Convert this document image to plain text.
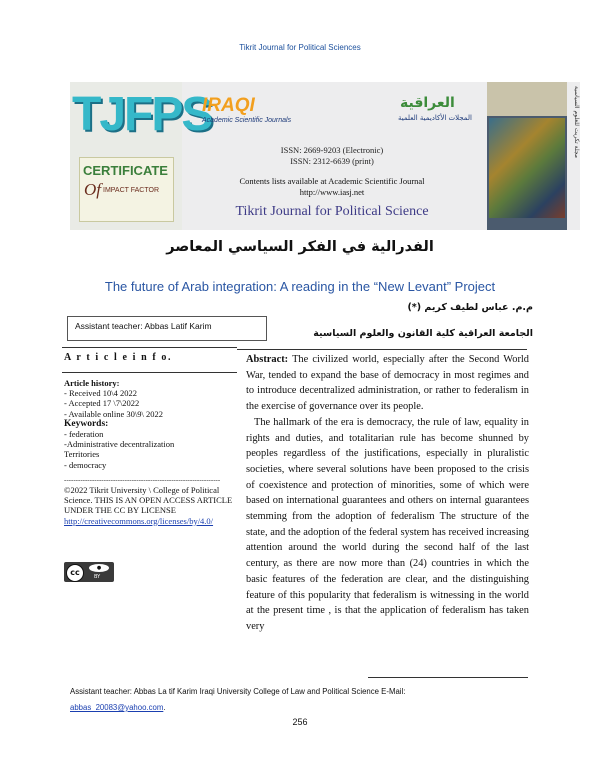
Tikrit Journal for Political Sciences
TJFPS
CERTIFICATE
Of IMPACT FACTOR
IRAQI
Academic Scientific Journals
العراقية
المجلات الأكاديمية العلمية
ISSN: 2669-9203 (Electronic)
ISSN: 2312-6639 (print)
Contents lists available at Academic Scientific Journal
http://www.iasj.net
Tikrit Journal for Political Science
مجلة تكريت للعلوم السياسية
الفدرالية في الفكر السياسي المعاصر
The future of Arab integration: A reading in the “New Levant” Project
Assistant teacher: Abbas Latif Karim
م.م. عباس لطيف كريم (*)
الجامعة العراقية كلية القانون والعلوم السياسية
A r t i c l e i n f o.
Article history:
- Received 10\4 2022
- Accepted 17 \7\2022
- Available online 30\9\ 2022
Keywords:
- federation
-Administrative decentralization
Territories
- democracy
-------------------------------------------------------------------
©2022 Tikrit University \ College of Political Science. THIS IS AN OPEN ACCESS ARTICLE UNDER THE CC BY LICENSE
http://creativecommons.org/licenses/by/4.0/
cc	●
BY

Abstract: The civilized world, especially after the Second World War, tended to expand the base of democracy in most regimes and to introduce decentralized administration, or rather to federalism in the exercise of governance over its people.

The hallmark of the era is democracy, the rule of law, equality in rights and duties, and totalitarian rule has become shunned by peoples regardless of the justifications, especially in pluralistic societies, where several solutions have been proposed to the crisis of coexistence and protection of minorities, some of which were based on international guarantees and others on internal guarantees stemming from the adoption of federalism The structure of the state, and the adoption of the federal system has received increasing attention around the world during the second half of the last century, as there are now more than (24) countries in which the basic features of the federation are clear, and the distinguishing feature of this popularity that federalism is witnessing in the world at the present time , is that the application of federalism has taken very

Assistant teacher: Abbas La tif Karim Iraqi University College of Law and Political Science E-Mail:
abbas_20083@yahoo.com.
256
